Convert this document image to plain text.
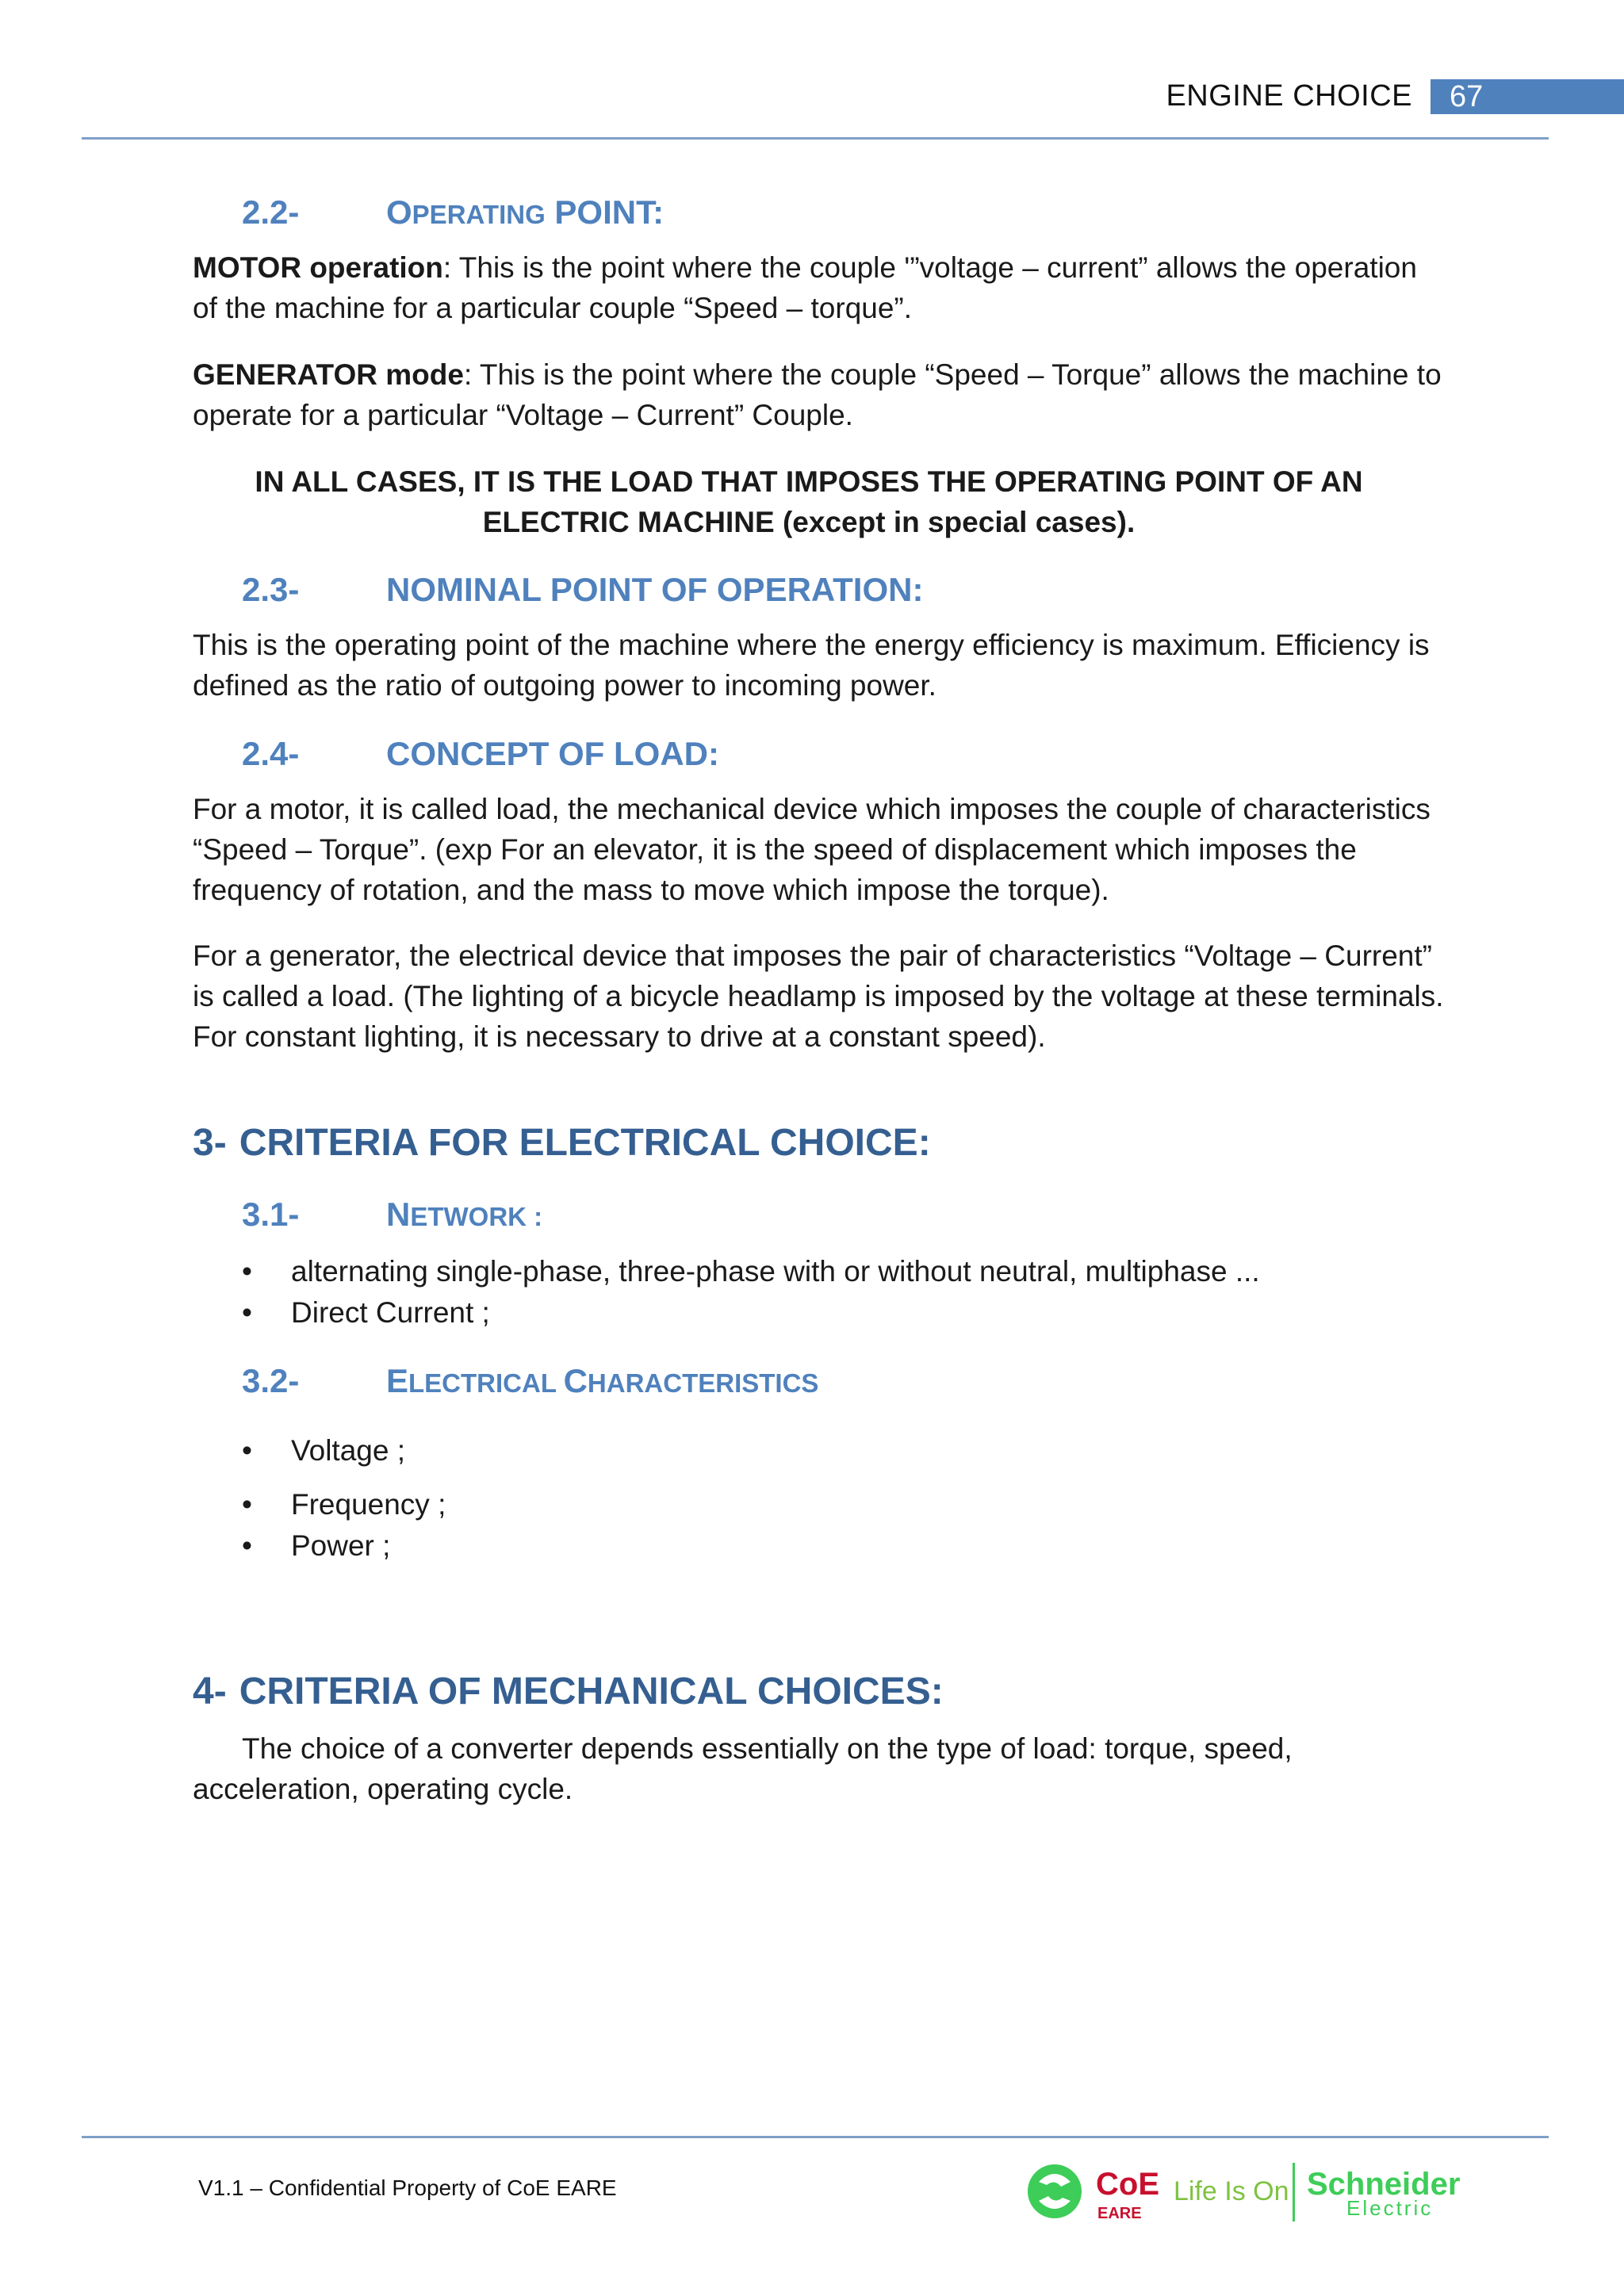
ENGINE CHOICE	67
2.2-	OPERATING POINT:
MOTOR operation: This is the point where the couple '”voltage – current” allows the operation of the machine for a particular couple “Speed – torque”.
GENERATOR mode: This is the point where the couple “Speed – Torque” allows the machine to operate for a particular “Voltage – Current” Couple.
IN ALL CASES, IT IS THE LOAD THAT IMPOSES THE OPERATING POINT OF AN ELECTRIC MACHINE (except in special cases).
2.3-	NOMINAL POINT OF OPERATION:
This is the operating point of the machine where the energy efficiency is maximum. Efficiency is defined as the ratio of outgoing power to incoming power.
2.4-	CONCEPT OF LOAD:
For a motor, it is called load, the mechanical device which imposes the couple of characteristics “Speed – Torque”. (exp For an elevator, it is the speed of displacement which imposes the frequency of rotation, and the mass to move which impose the torque).
For a generator, the electrical device that imposes the pair of characteristics “Voltage – Current” is called a load. (The lighting of a bicycle headlamp is imposed by the voltage at these terminals. For constant lighting, it is necessary to drive at a constant speed).
3- CRITERIA FOR ELECTRICAL CHOICE:
3.1-	NETWORK :
• alternating single-phase, three-phase with or without neutral, multiphase ...
• Direct Current ;
3.2-	ELECTRICAL CHARACTERISTICS
• Voltage ;
• Frequency ;
• Power ;
4- CRITERIA OF MECHANICAL CHOICES:
The choice of a converter depends essentially on the type of load: torque, speed, acceleration, operating cycle.
V1.1 – Confidential Property of CoE EARE	CoE
EARE
Life Is On Schneider
Electric
